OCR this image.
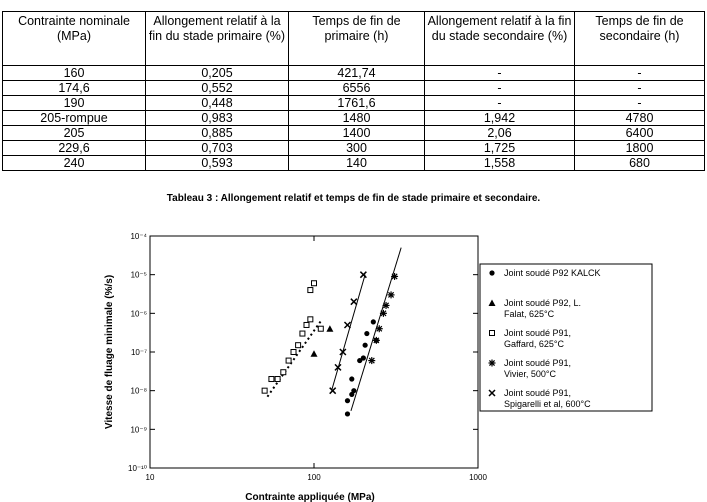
Contrainte nominale (MPa)	Allongement relatif à la fin du stade primaire (%)	Temps de fin de primaire (h)	Allongement relatif à la fin du stade secondaire (%)	Temps de fin de secondaire (h)
160	0,205	421,74	-	-
174,6	0,552	6556	-	-
190	0,448	1761,6	-	-
205-rompue	0,983	1480	1,942	4780
205	0,885	1400	2,06	6400
229,6	0,703	300	1,725	1800
240	0,593	140	1,558	680
Tableau 3 : Allongement relatif et temps de fin de stade primaire et secondaire.
10⁻¹⁰
10⁻⁹
10⁻⁸
10⁻⁷
10⁻⁶
10⁻⁵
10⁻⁴
10	100	1000
Vitesse de fluage minimale (%/s)
Contrainte appliquée (MPa)
Joint soudé P92 KALCK
Joint soudé P92, L. Falat, 625°C
Joint soudé P91, Gaffard, 625°C
Joint soudé P91, Vivier, 500°C
Joint soudé P91, Spigarelli et al, 600°C
